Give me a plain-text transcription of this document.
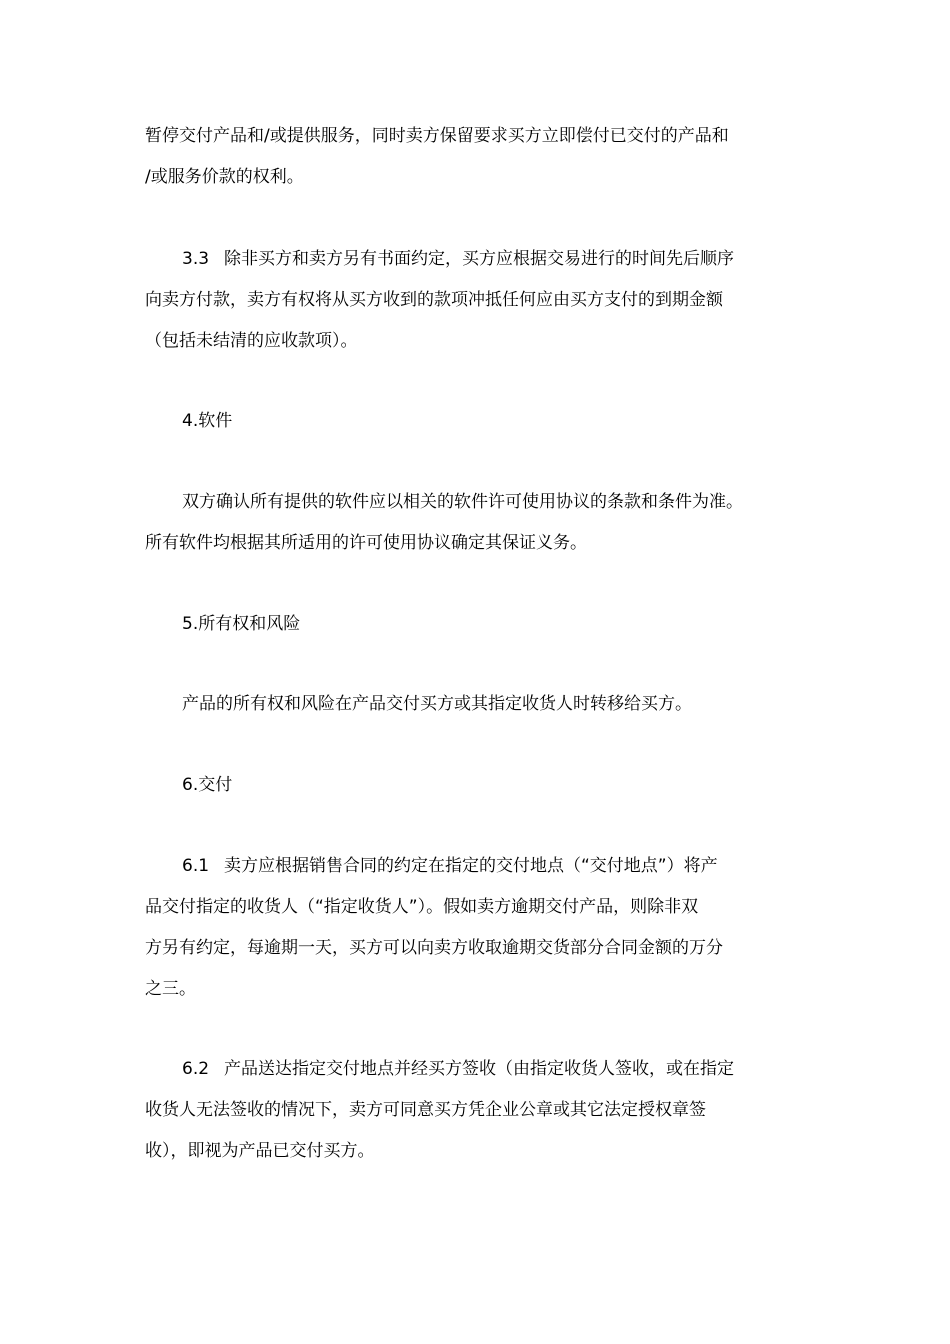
暂停交付产品和/或提供服务，同时卖方保留要求买方立即偿付已交付的产品和
/或服务价款的权利。
3.3 除非买方和卖方另有书面约定，买方应根据交易进行的时间先后顺序
向卖方付款，卖方有权将从买方收到的款项冲抵任何应由买方支付的到期金额
（包括未结清的应收款项）。
4.软件
双方确认所有提供的软件应以相关的软件许可使用协议的条款和条件为准。
所有软件均根据其所适用的许可使用协议确定其保证义务。
5.所有权和风险
产品的所有权和风险在产品交付买方或其指定收货人时转移给买方。
6.交付
6.1 卖方应根据销售合同的约定在指定的交付地点（“交付地点”）将产
品交付指定的收货人（“指定收货人”）。假如卖方逾期交付产品，则除非双
方另有约定，每逾期一天，买方可以向卖方收取逾期交货部分合同金额的万分
之三。
6.2 产品送达指定交付地点并经买方签收（由指定收货人签收，或在指定
收货人无法签收的情况下，卖方可同意买方凭企业公章或其它法定授权章签
收），即视为产品已交付买方。
